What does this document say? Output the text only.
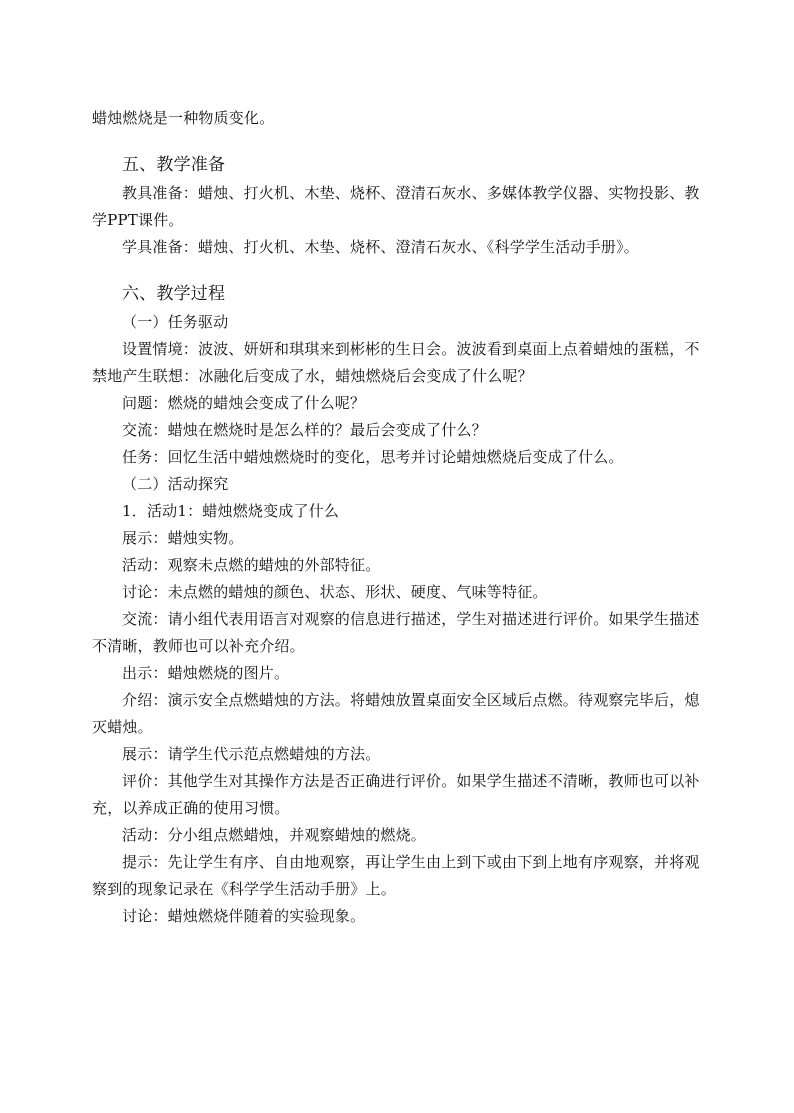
蜡烛燃烧是一种物质变化。

五、教学准备

教具准备：蜡烛、打火机、木垫、烧杯、澄清石灰水、多媒体教学仪器、实物投影、教学PPT课件。

学具准备：蜡烛、打火机、木垫、烧杯、澄清石灰水、《科学学生活动手册》。

六、教学过程

（一）任务驱动

设置情境：波波、妍妍和琪琪来到彬彬的生日会。波波看到桌面上点着蜡烛的蛋糕，不禁地产生联想：冰融化后变成了水，蜡烛燃烧后会变成了什么呢？

问题：燃烧的蜡烛会变成了什么呢？

交流：蜡烛在燃烧时是怎么样的？最后会变成了什么？

任务：回忆生活中蜡烛燃烧时的变化，思考并讨论蜡烛燃烧后变成了什么。

（二）活动探究

1．活动1：蜡烛燃烧变成了什么

展示：蜡烛实物。

活动：观察未点燃的蜡烛的外部特征。

讨论：未点燃的蜡烛的颜色、状态、形状、硬度、气味等特征。

交流：请小组代表用语言对观察的信息进行描述，学生对描述进行评价。如果学生描述不清晰，教师也可以补充介绍。

出示：蜡烛燃烧的图片。

介绍：演示安全点燃蜡烛的方法。将蜡烛放置桌面安全区域后点燃。待观察完毕后，熄灭蜡烛。

展示：请学生代示范点燃蜡烛的方法。

评价：其他学生对其操作方法是否正确进行评价。如果学生描述不清晰，教师也可以补充，以养成正确的使用习惯。

活动：分小组点燃蜡烛，并观察蜡烛的燃烧。

提示：先让学生有序、自由地观察，再让学生由上到下或由下到上地有序观察，并将观察到的现象记录在《科学学生活动手册》上。

讨论：蜡烛燃烧伴随着的实验现象。
